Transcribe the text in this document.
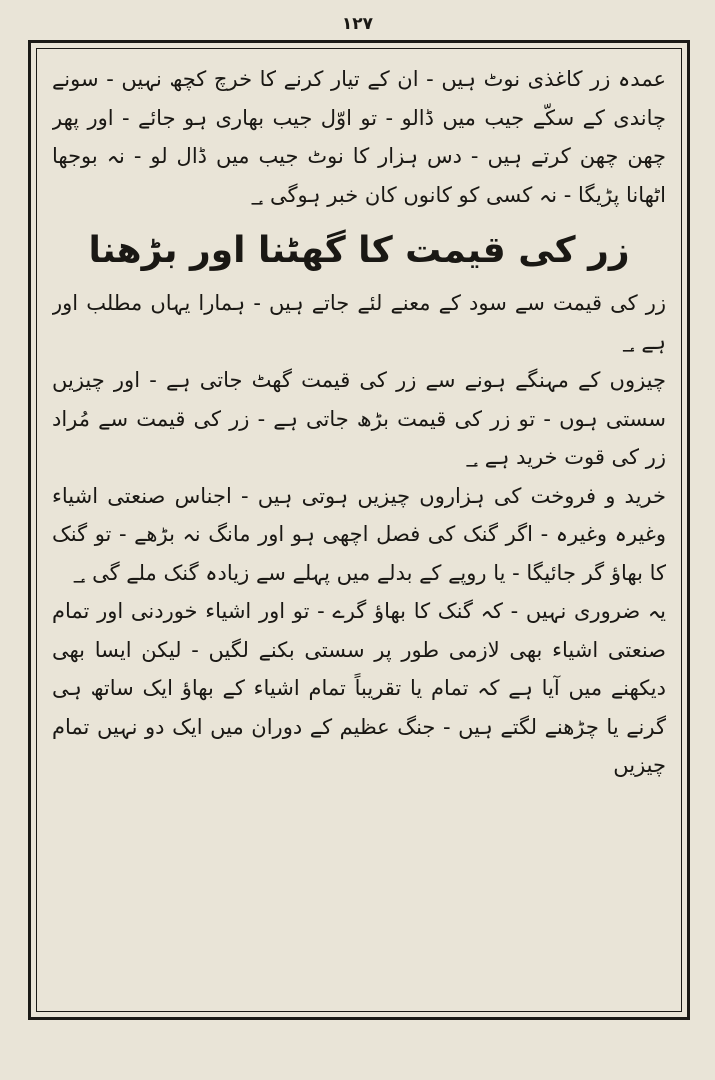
۱۲۷

عمدہ زر کاغذی نوٹ ہیں - ان کے تیار کرنے کا خرچ کچھ نہیں - سونے چاندی کے سکّے جیب میں ڈالو - تو اوّل جیب بھاری ہو جائے - اور پھر چھن چھن کرتے ہیں - دس ہزار کا نوٹ جیب میں ڈال لو - نہ بوجھا اٹھانا پڑیگا - نہ کسی کو کانوں کان خبر ہوگی ؀

زر کی قیمت کا گھٹنا اور بڑھنا

زر کی قیمت سے سود کے معنے لئے جاتے ہیں - ہمارا یہاں مطلب اور ہے ؀

چیزوں کے مہنگے ہونے سے زر کی قیمت گھٹ جاتی ہے - اور چیزیں سستی ہوں - تو زر کی قیمت بڑھ جاتی ہے - زر کی قیمت سے مُراد زر کی قوت خرید ہے ؀

خرید و فروخت کی ہزاروں چیزیں ہوتی ہیں - اجناس صنعتی اشیاء وغیرہ وغیرہ - اگر گنک کی فصل اچھی ہو اور مانگ نہ بڑھے - تو گنک کا بھاؤ گر جائیگا - یا روپے کے بدلے میں پہلے سے زیادہ گنک ملے گی ؀

یہ ضروری نہیں - کہ گنک کا بھاؤ گرے - تو اور اشیاء خوردنی اور تمام صنعتی اشیاء بھی لازمی طور پر سستی بکنے لگیں - لیکن ایسا بھی دیکھنے میں آیا ہے کہ تمام یا تقریباً تمام اشیاء کے بھاؤ ایک ساتھ ہی گرنے یا چڑھنے لگتے ہیں - جنگ عظیم کے دوران میں ایک دو نہیں تمام چیزیں
